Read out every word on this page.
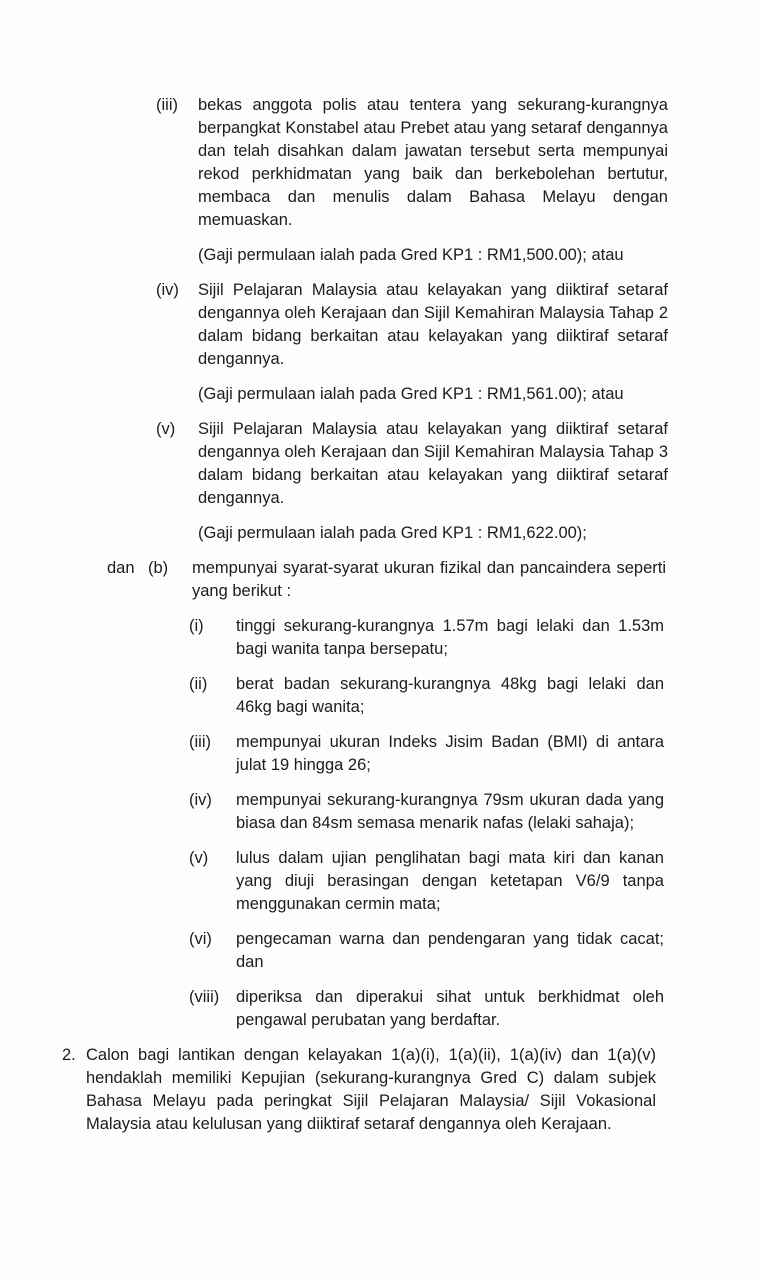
(iii)	bekas anggota polis atau tentera yang sekurang-kurangnya berpangkat Konstabel atau Prebet atau yang setaraf dengannya dan telah disahkan dalam jawatan tersebut serta mempunyai rekod perkhidmatan yang baik dan berkebolehan bertutur, membaca dan menulis dalam Bahasa Melayu dengan memuaskan.

(Gaji permulaan ialah pada Gred KP1 : RM1,500.00); atau

(iv)	Sijil Pelajaran Malaysia atau kelayakan yang diiktiraf setaraf dengannya oleh Kerajaan dan Sijil Kemahiran Malaysia Tahap 2 dalam bidang berkaitan atau kelayakan yang diiktiraf setaraf dengannya.

(Gaji permulaan ialah pada Gred KP1 : RM1,561.00); atau

(v)	Sijil Pelajaran Malaysia atau kelayakan yang diiktiraf setaraf dengannya oleh Kerajaan dan Sijil Kemahiran Malaysia Tahap 3 dalam bidang berkaitan atau kelayakan yang diiktiraf setaraf dengannya.

(Gaji permulaan ialah pada Gred KP1 : RM1,622.00);

dan (b)	mempunyai syarat-syarat ukuran fizikal dan pancaindera seperti yang berikut :

(i)	tinggi sekurang-kurangnya 1.57m bagi lelaki dan 1.53m bagi wanita tanpa bersepatu;

(ii)	berat badan sekurang-kurangnya 48kg bagi lelaki dan 46kg bagi wanita;

(iii)	mempunyai ukuran Indeks Jisim Badan (BMI) di antara julat 19 hingga 26;

(iv)	mempunyai sekurang-kurangnya 79sm ukuran dada yang biasa dan 84sm semasa menarik nafas (lelaki sahaja);

(v)	lulus dalam ujian penglihatan bagi mata kiri dan kanan yang diuji berasingan dengan ketetapan V6/9 tanpa menggunakan cermin mata;

(vi)	pengecaman warna dan pendengaran yang tidak cacat; dan

(viii)	diperiksa dan diperakui sihat untuk berkhidmat oleh pengawal perubatan yang berdaftar.

2. Calon bagi lantikan dengan kelayakan 1(a)(i), 1(a)(ii), 1(a)(iv) dan 1(a)(v) hendaklah memiliki Kepujian (sekurang-kurangnya Gred C) dalam subjek Bahasa Melayu pada peringkat Sijil Pelajaran Malaysia/ Sijil Vokasional Malaysia atau kelulusan yang diiktiraf setaraf dengannya oleh Kerajaan.
